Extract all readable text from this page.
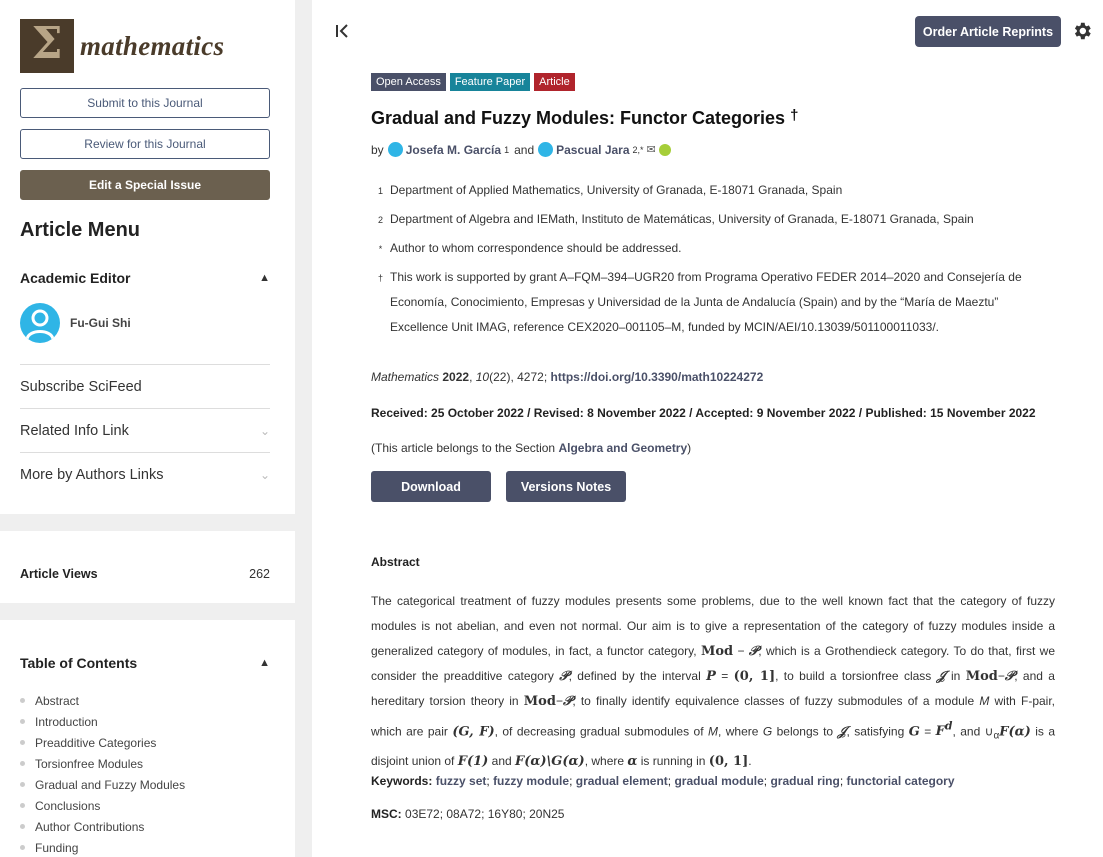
Σ mathematics
Submit to this Journal
Review for this Journal
Edit a Special Issue
Article Menu
Academic Editor	▲
Fu-Gui Shi
Subscribe SciFeed
Related Info Link	⌄
More by Authors Links	⌄
Article Views	262
Table of Contents	▲
Abstract
Introduction
Preadditive Categories
Torsionfree Modules
Gradual and Fuzzy Modules
Conclusions
Author Contributions
Funding
Order Article Reprints
Open Access	Feature Paper	Article
Gradual and Fuzzy Modules: Functor Categories †
by Josefa M. García 1 and Pascual Jara 2,* ✉
1 Department of Applied Mathematics, University of Granada, E-18071 Granada, Spain
2 Department of Algebra and IEMath, Instituto de Matemáticas, University of Granada, E-18071 Granada, Spain
* Author to whom correspondence should be addressed.
† This work is supported by grant A–FQM–394–UGR20 from Programa Operativo FEDER 2014–2020 and Consejería de Economía, Conocimiento, Empresas y Universidad de la Junta de Andalucía (Spain) and by the “María de Maeztu” Excellence Unit IMAG, reference CEX2020–001105–M, funded by MCIN/AEI/10.13039/501100011033/.
Mathematics 2022, 10(22), 4272; https://doi.org/10.3390/math10224272
Received: 25 October 2022 / Revised: 8 November 2022 / Accepted: 9 November 2022 / Published: 15 November 2022
(This article belongs to the Section Algebra and Geometry)
Download	Versions Notes
Abstract
The categorical treatment of fuzzy modules presents some problems, due to the well known fact that the category of fuzzy modules is not abelian, and even not normal. Our aim is to give a representation of the category of fuzzy modules inside a generalized category of modules, in fact, a functor category, Mod − 𝒫, which is a Grothendieck category. To do that, first we consider the preadditive category 𝒫, defined by the interval P = (0, 1], to build a torsionfree class 𝒥 in Mod−𝒫, and a hereditary torsion theory in Mod−𝒫, to finally identify equivalence classes of fuzzy submodules of a module M with F-pair, which are pair (G, F), of decreasing gradual submodules of M, where G belongs to 𝒥, satisfying $G = F^d$, and $\cup_\alpha F(\alpha)$ is a disjoint union of F(1) and F(α)\G(α), where α is running in (0, 1].
Keywords: fuzzy set; fuzzy module; gradual element; gradual module; gradual ring; functorial category
MSC: 03E72; 08A72; 16Y80; 20N25
